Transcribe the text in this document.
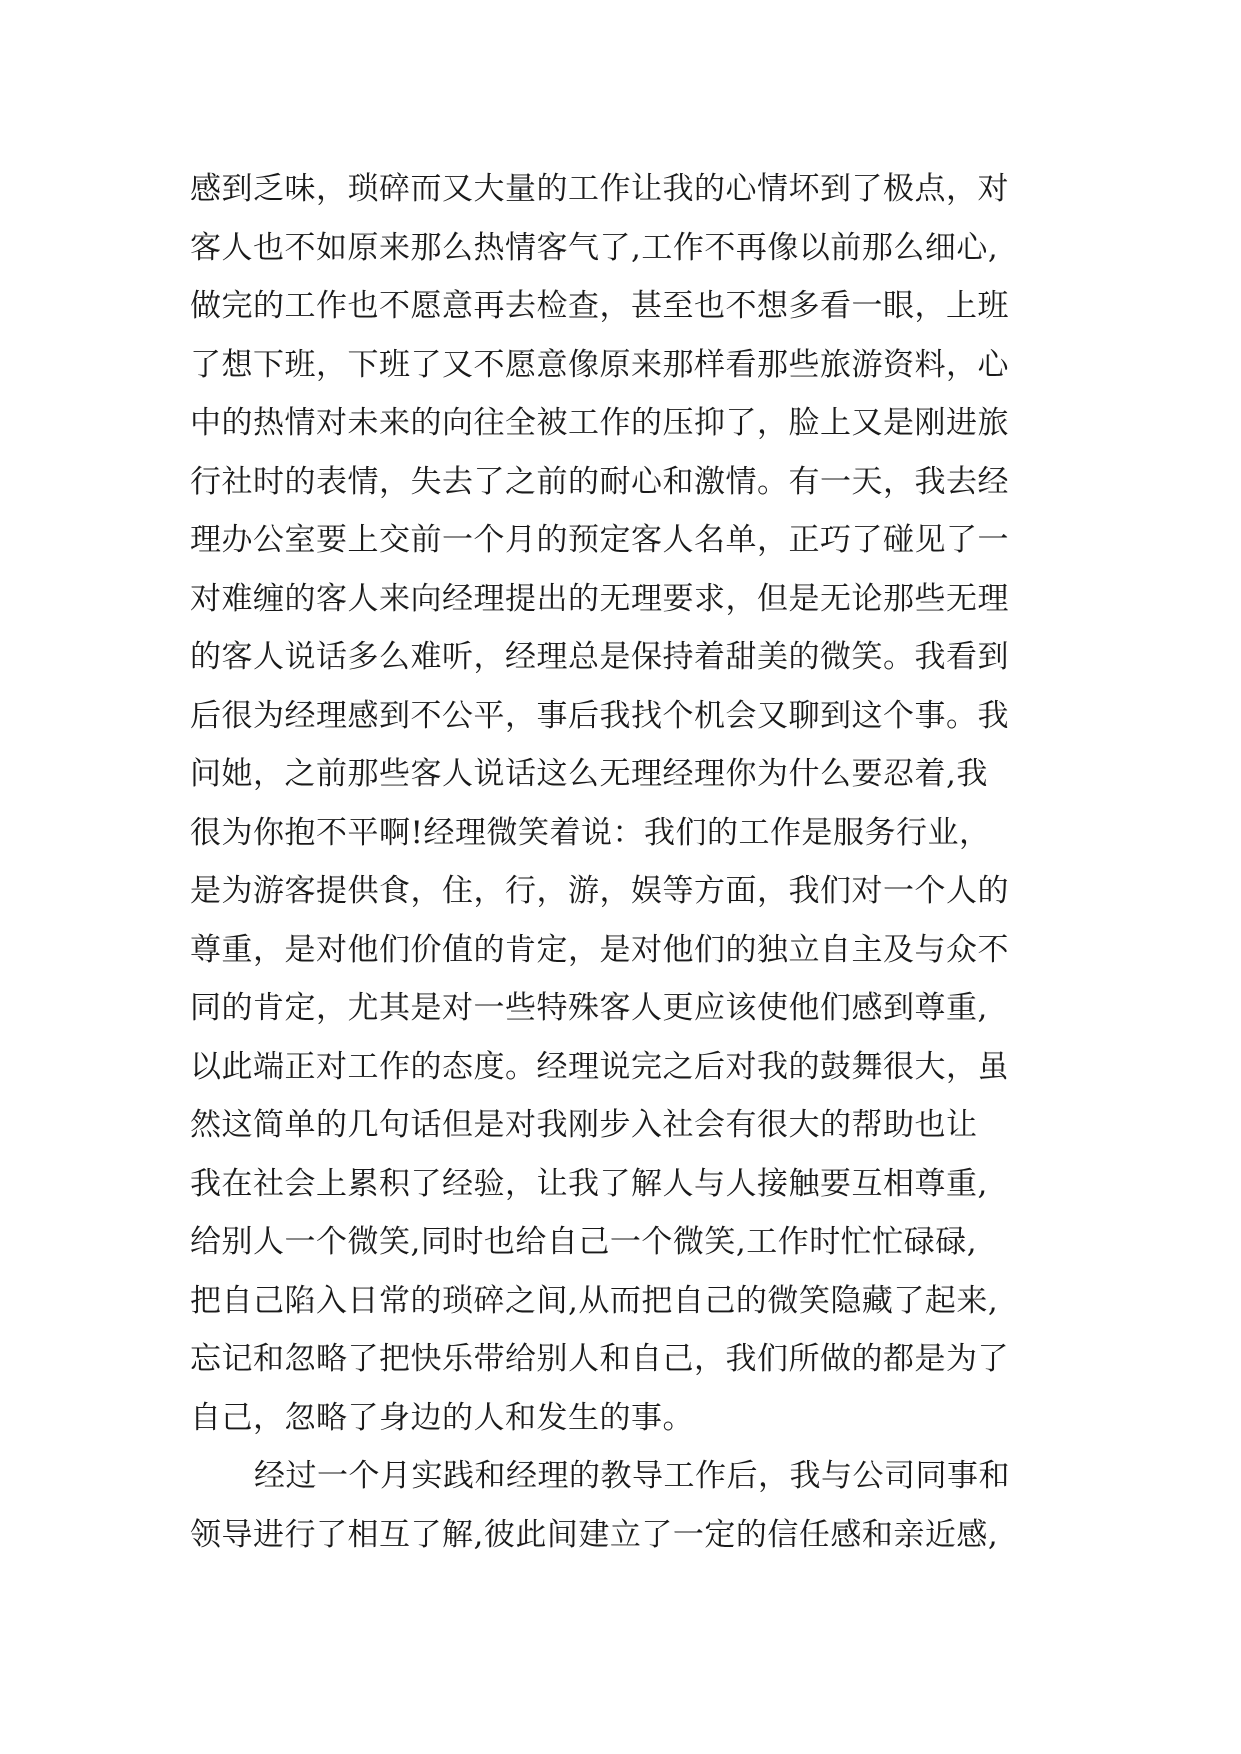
感到乏味，琐碎而又大量的工作让我的心情坏到了极点，对
客人也不如原来那么热情客气了,工作不再像以前那么细心,
做完的工作也不愿意再去检查，甚至也不想多看一眼，上班
了想下班，下班了又不愿意像原来那样看那些旅游资料，心
中的热情对未来的向往全被工作的压抑了，脸上又是刚进旅
行社时的表情，失去了之前的耐心和激情。有一天，我去经
理办公室要上交前一个月的预定客人名单，正巧了碰见了一
对难缠的客人来向经理提出的无理要求，但是无论那些无理
的客人说话多么难听，经理总是保持着甜美的微笑。我看到
后很为经理感到不公平，事后我找个机会又聊到这个事。我
问她，之前那些客人说话这么无理经理你为什么要忍着,我
很为你抱不平啊!经理微笑着说：我们的工作是服务行业，
是为游客提供食，住，行，游，娱等方面，我们对一个人的
尊重，是对他们价值的肯定，是对他们的独立自主及与众不
同的肯定，尤其是对一些特殊客人更应该使他们感到尊重,
以此端正对工作的态度。经理说完之后对我的鼓舞很大，虽
然这简单的几句话但是对我刚步入社会有很大的帮助也让
我在社会上累积了经验，让我了解人与人接触要互相尊重,
给别人一个微笑,同时也给自己一个微笑,工作时忙忙碌碌,
把自己陷入日常的琐碎之间,从而把自己的微笑隐藏了起来,
忘记和忽略了把快乐带给别人和自己，我们所做的都是为了
自己，忽略了身边的人和发生的事。
经过一个月实践和经理的教导工作后，我与公司同事和
领导进行了相互了解,彼此间建立了一定的信任感和亲近感,
